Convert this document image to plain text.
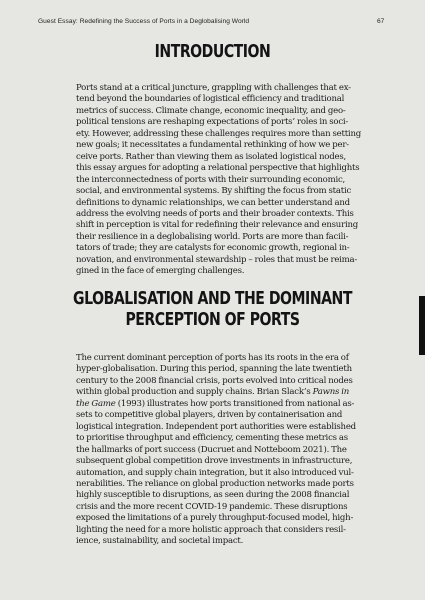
Guest Essay: Redefining the Success of Ports in a Deglobalising World	67
INTRODUCTION
Ports stand at a critical juncture, grappling with challenges that ex-
tend beyond the boundaries of logistical efficiency and traditional
metrics of success. Climate change, economic inequality, and geo-
political tensions are reshaping expectations of ports’ roles in soci-
ety. However, addressing these challenges requires more than setting
new goals; it necessitates a fundamental rethinking of how we per-
ceive ports. Rather than viewing them as isolated logistical nodes,
this essay argues for adopting a relational perspective that highlights
the interconnectedness of ports with their surrounding economic,
social, and environmental systems. By shifting the focus from static
definitions to dynamic relationships, we can better understand and
address the evolving needs of ports and their broader contexts. This
shift in perception is vital for redefining their relevance and ensuring
their resilience in a deglobalising world. Ports are more than facili-
tators of trade; they are catalysts for economic growth, regional in-
novation, and environmental stewardship – roles that must be reima-
gined in the face of emerging challenges.
GLOBALISATION AND THE DOMINANT
PERCEPTION OF PORTS
The current dominant perception of ports has its roots in the era of
hyper-globalisation. During this period, spanning the late twentieth
century to the 2008 financial crisis, ports evolved into critical nodes
within global production and supply chains. Brian Slack’s Pawns in
the Game (1993) illustrates how ports transitioned from national as-
sets to competitive global players, driven by containerisation and
logistical integration. Independent port authorities were established
to prioritise throughput and efficiency, cementing these metrics as
the hallmarks of port success (Ducruet and Notteboom 2021). The
subsequent global competition drove investments in infrastructure,
automation, and supply chain integration, but it also introduced vul-
nerabilities. The reliance on global production networks made ports
highly susceptible to disruptions, as seen during the 2008 financial
crisis and the more recent COVID-19 pandemic. These disruptions
exposed the limitations of a purely throughput-focused model, high-
lighting the need for a more holistic approach that considers resil-
ience, sustainability, and societal impact.
